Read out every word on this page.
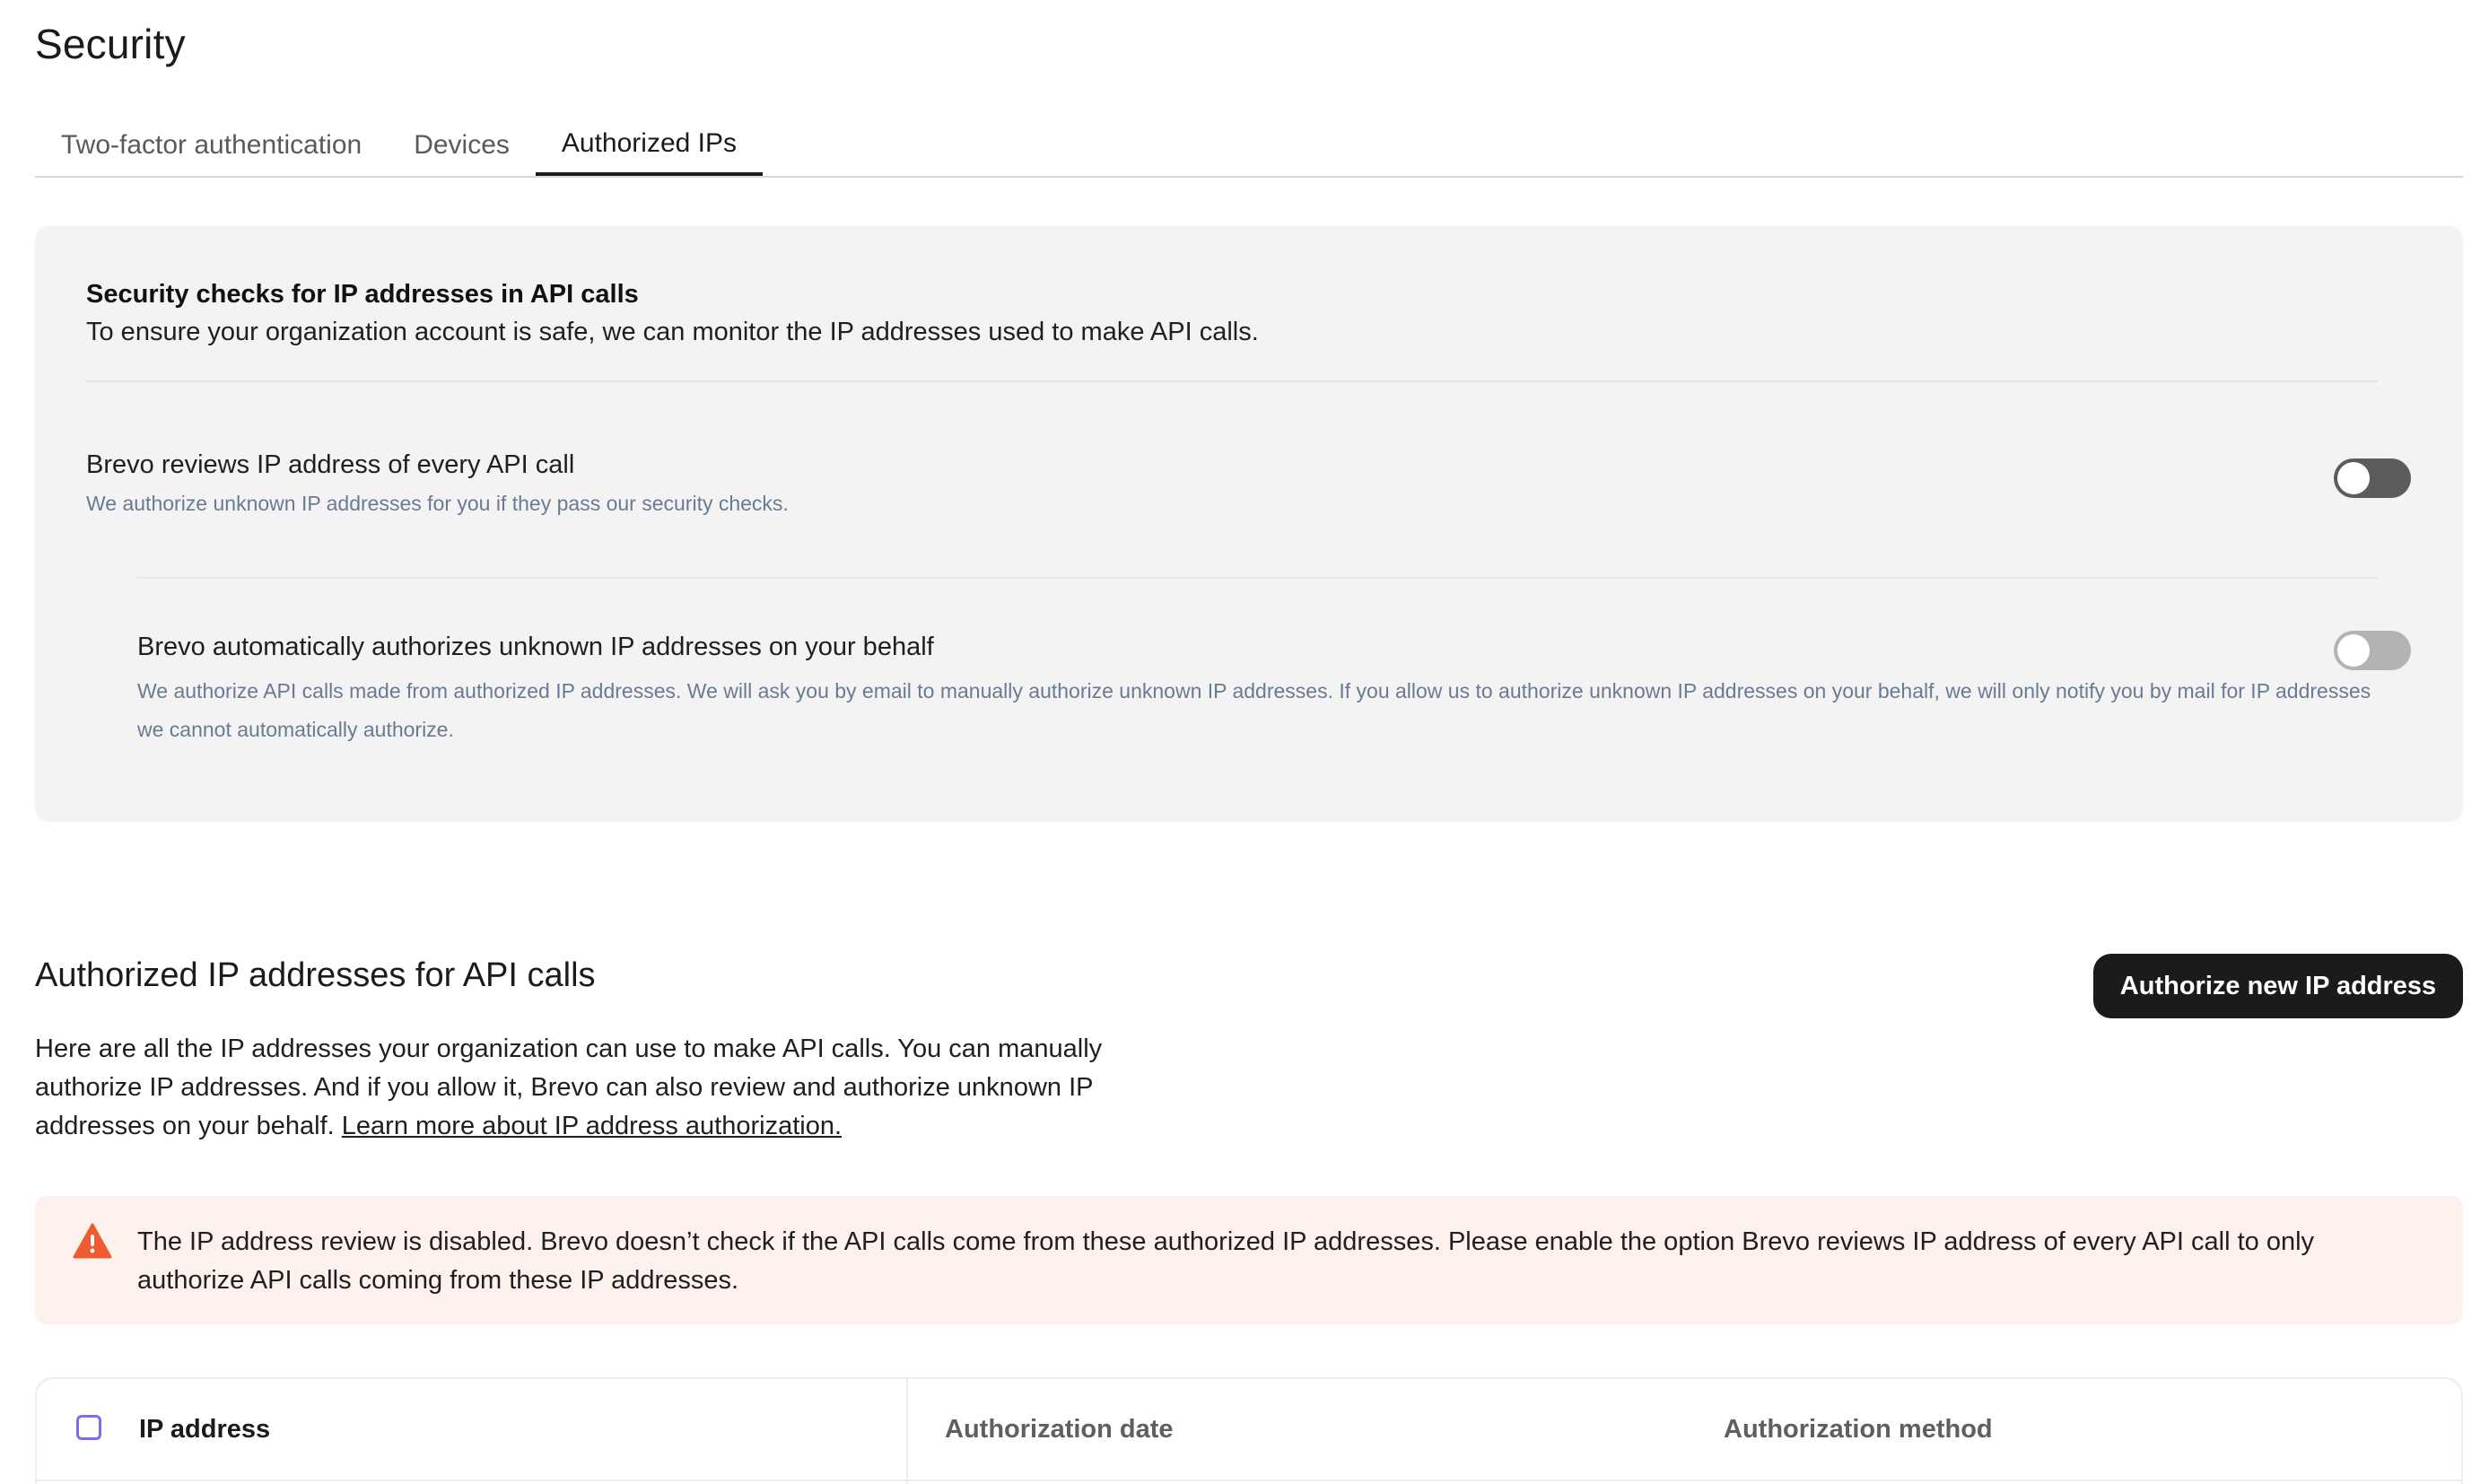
Security
Two-factor authentication	Devices	Authorized IPs
Security checks for IP addresses in API calls
To ensure your organization account is safe, we can monitor the IP addresses used to make API calls.
Brevo reviews IP address of every API call
We authorize unknown IP addresses for you if they pass our security checks.
Brevo automatically authorizes unknown IP addresses on your behalf
We authorize API calls made from authorized IP addresses. We will ask you by email to manually authorize unknown IP addresses. If you allow us to authorize unknown IP addresses on your behalf, we will only notify you by mail for IP addresses we cannot automatically authorize.
Authorized IP addresses for API calls	Authorize new IP address
Here are all the IP addresses your organization can use to make API calls. You can manually authorize IP addresses. And if you allow it, Brevo can also review and authorize unknown IP addresses on your behalf. Learn more about IP address authorization.
The IP address review is disabled. Brevo doesn’t check if the API calls come from these authorized IP addresses. Please enable the option Brevo reviews IP address of every API call to only authorize API calls coming from these IP addresses.
IP address	Authorization date	Authorization method
